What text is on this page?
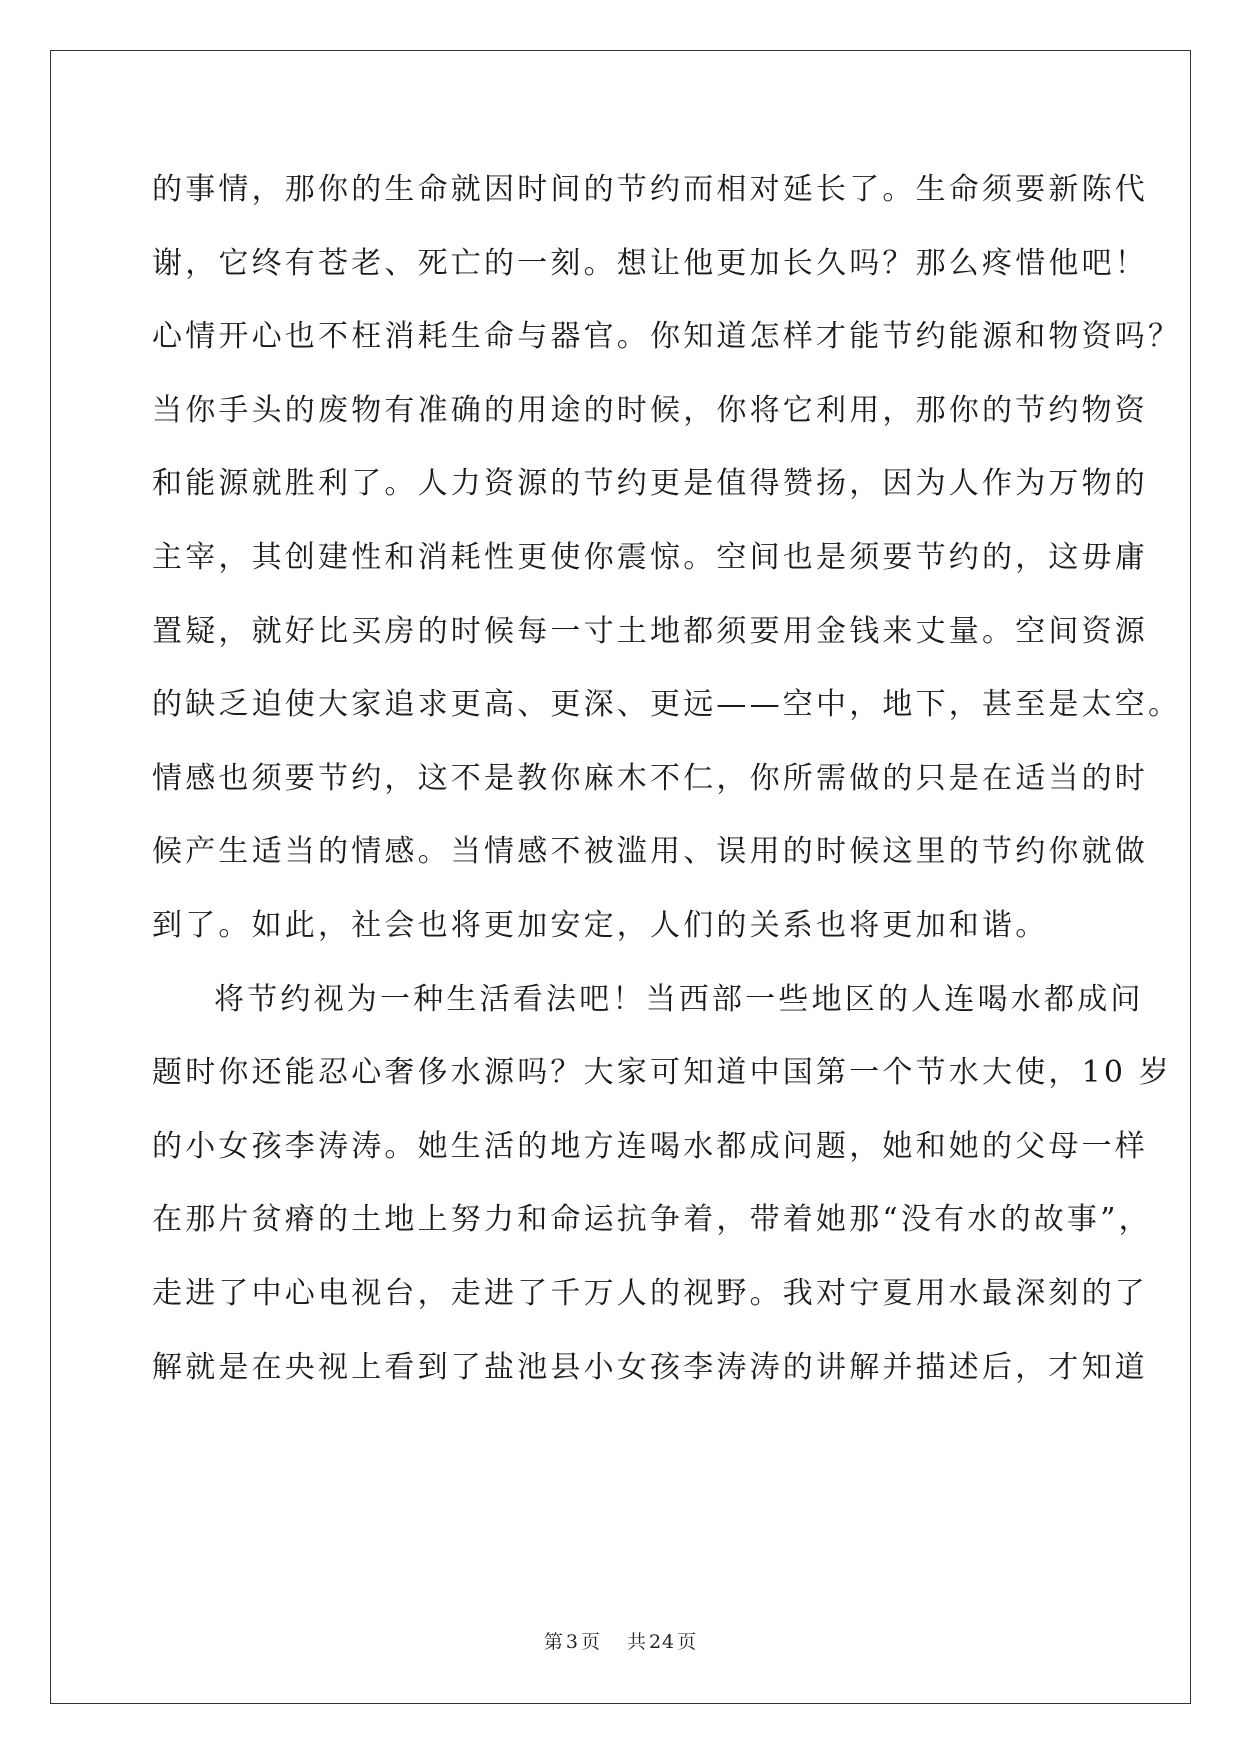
的事情，那你的生命就因时间的节约而相对延长了。生命须要新陈代
谢，它终有苍老、死亡的一刻。想让他更加长久吗？那么疼惜他吧！
心情开心也不枉消耗生命与器官。你知道怎样才能节约能源和物资吗？
当你手头的废物有准确的用途的时候，你将它利用，那你的节约物资
和能源就胜利了。人力资源的节约更是值得赞扬，因为人作为万物的
主宰，其创建性和消耗性更使你震惊。空间也是须要节约的，这毋庸
置疑，就好比买房的时候每一寸土地都须要用金钱来丈量。空间资源
的缺乏迫使大家追求更高、更深、更远——空中，地下，甚至是太空。
情感也须要节约，这不是教你麻木不仁，你所需做的只是在适当的时
候产生适当的情感。当情感不被滥用、误用的时候这里的节约你就做
到了。如此，社会也将更加安定，人们的关系也将更加和谐。
将节约视为一种生活看法吧！当西部一些地区的人连喝水都成问
题时你还能忍心奢侈水源吗？大家可知道中国第一个节水大使，10 岁
的小女孩李涛涛。她生活的地方连喝水都成问题，她和她的父母一样
在那片贫瘠的土地上努力和命运抗争着，带着她那“没有水的故事”，
走进了中心电视台，走进了千万人的视野。我对宁夏用水最深刻的了
解就是在央视上看到了盐池县小女孩李涛涛的讲解并描述后，才知道
第 3 页 共 24 页
